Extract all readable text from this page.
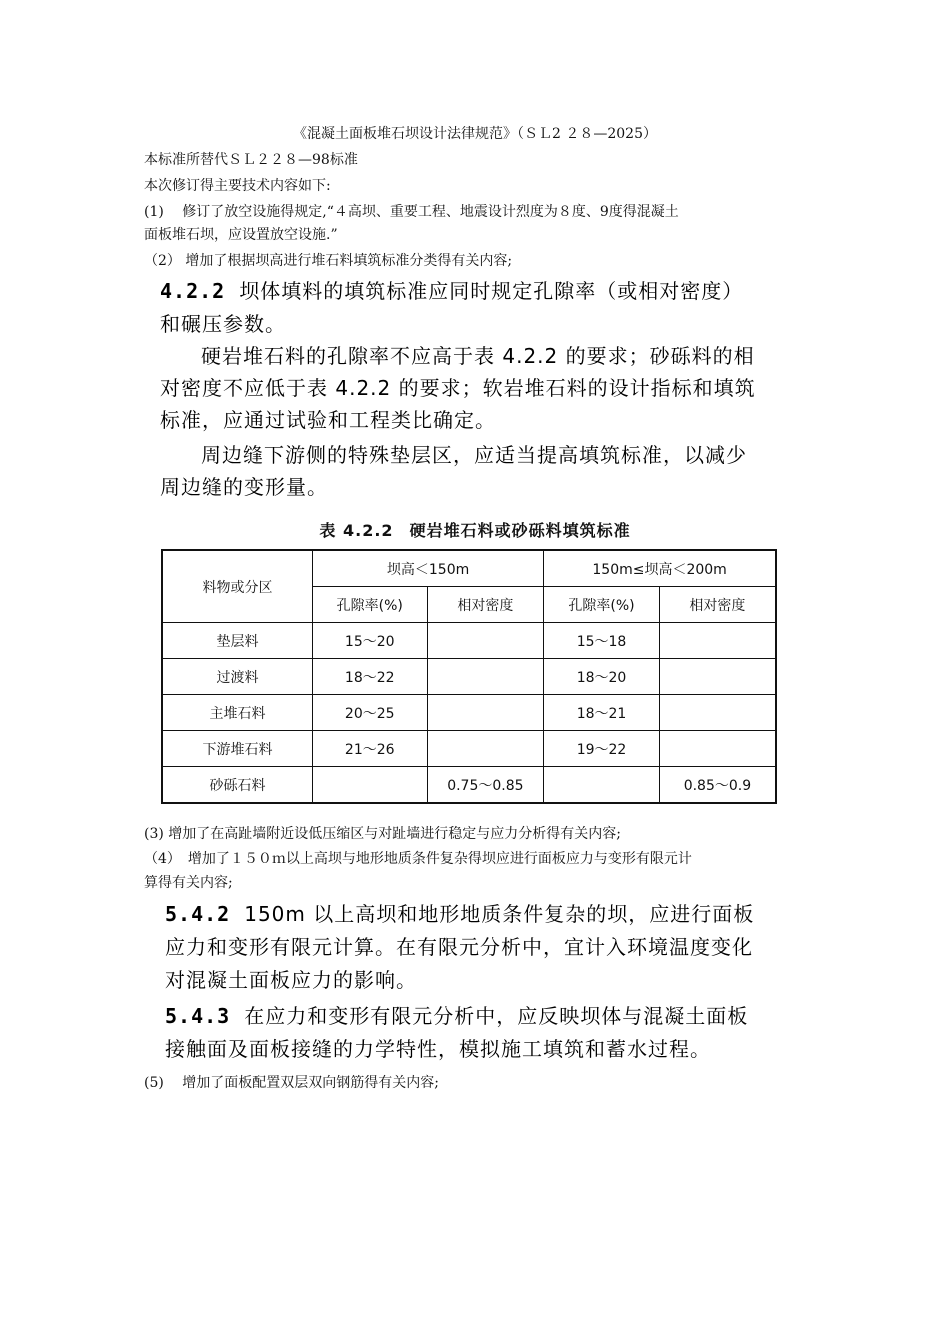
《混凝土面板堆石坝设计法律规范》（ＳＬ2 ２８—2025）
本标准所替代ＳＬ２２８—98标准
本次修订得主要技术内容如下:
(1)　 修订了放空设施得规定,“４高坝、重要工程、地震设计烈度为８度、9度得混凝土
面板堆石坝，应设置放空设施.”
（2） 增加了根据坝高进行堆石料填筑标准分类得有关内容;
4.2.2 坝体填料的填筑标准应同时规定孔隙率（或相对密度）
和碾压参数。
　硬岩堆石料的孔隙率不应高于表 4.2.2 的要求；砂砾料的相
对密度不应低于表 4.2.2 的要求；软岩堆石料的设计指标和填筑
标准，应通过试验和工程类比确定。
　周边缝下游侧的特殊垫层区，应适当提高填筑标准，以减少
周边缝的变形量。
表 4.2.2 硬岩堆石料或砂砾料填筑标准
料物或分区	坝高＜150m		150m≤坝高＜200m	
	孔隙率(%)	相对密度	孔隙率(%)	相对密度
垫层料	15～20		15～18	
过渡料	18～22		18～20	
主堆石料	20～25		18～21	
下游堆石料	21～26		19～22	
砂砾石料		0.75～0.85		0.85～0.9
(3) 增加了在高趾墙附近设低压缩区与对趾墙进行稳定与应力分析得有关内容;
（4）　增加了１５０ｍ以上高坝与地形地质条件复杂得坝应进行面板应力与变形有限元计
算得有关内容;
5.4.2 150m 以上高坝和地形地质条件复杂的坝，应进行面板
应力和变形有限元计算。在有限元分析中，宜计入环境温度变化
对混凝土面板应力的影响。
5.4.3 在应力和变形有限元分析中，应反映坝体与混凝土面板
接触面及面板接缝的力学特性，模拟施工填筑和蓄水过程。
(5)　 增加了面板配置双层双向钢筋得有关内容;
